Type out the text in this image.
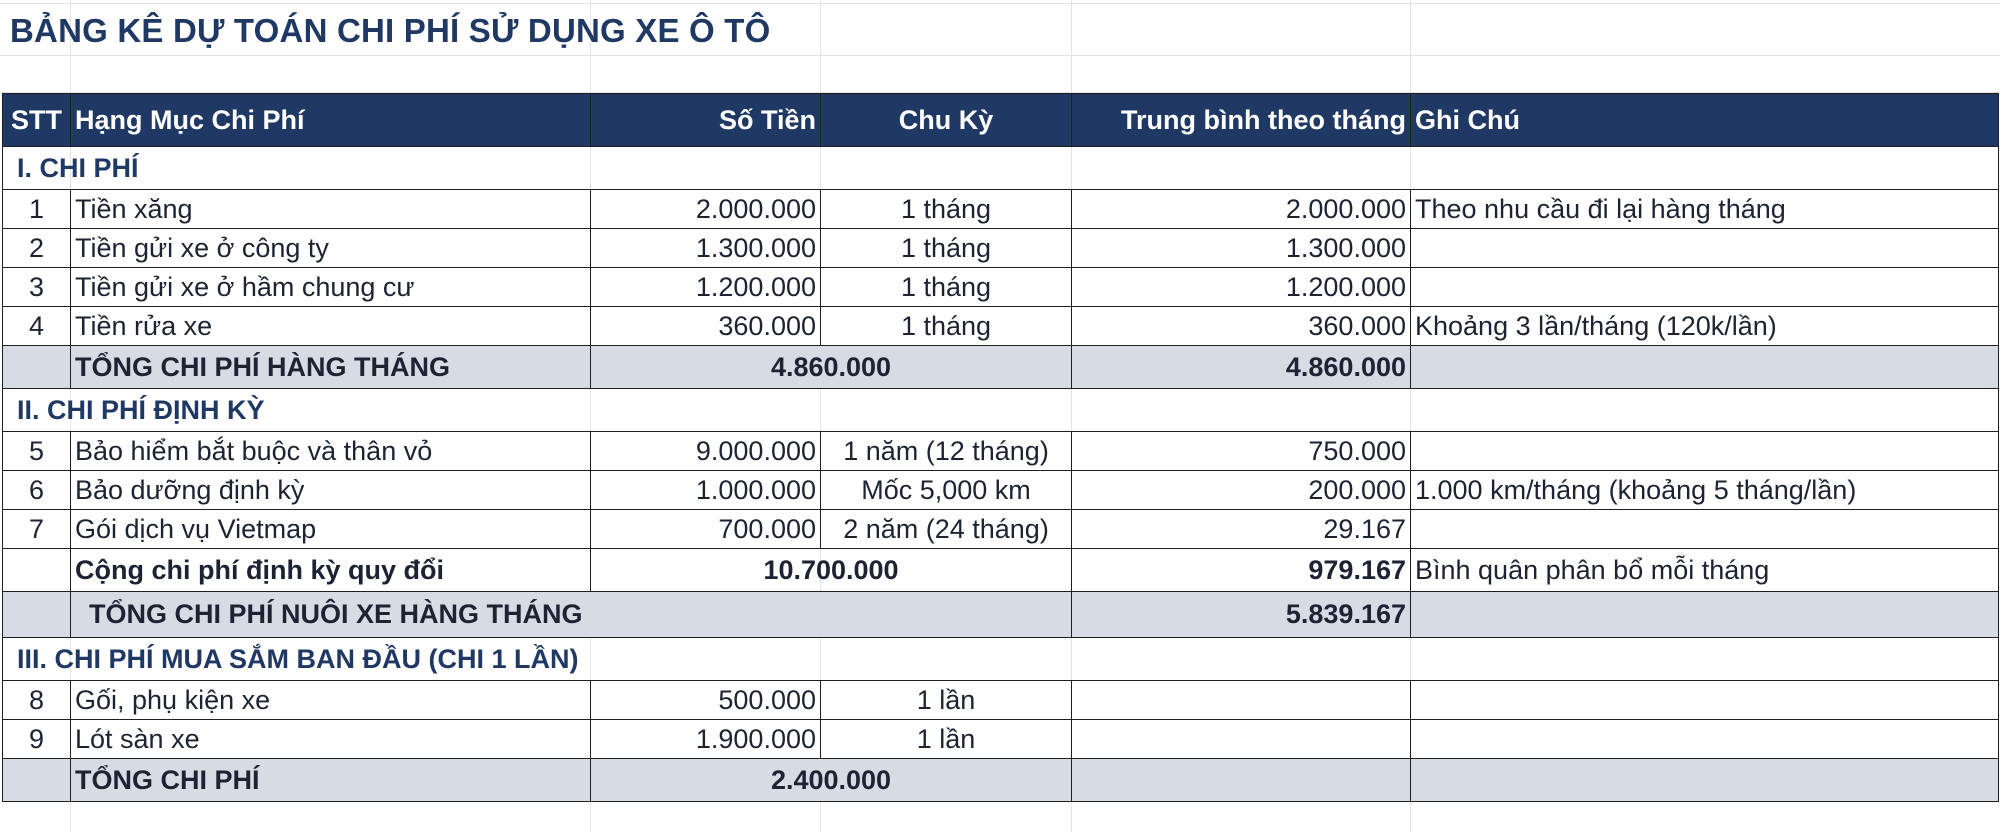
BẢNG KÊ DỰ TOÁN CHI PHÍ SỬ DỤNG XE Ô TÔ
STT	Hạng Mục Chi Phí	Số Tiền	Chu Kỳ	Trung bình theo tháng	Ghi Chú
I. CHI PHÍ					
1	Tiền xăng	2.000.000	1 tháng	2.000.000	Theo nhu cầu đi lại hàng tháng
2	Tiền gửi xe ở công ty	1.300.000	1 tháng	1.300.000	
3	Tiền gửi xe ở hầm chung cư	1.200.000	1 tháng	1.200.000	
4	Tiền rửa xe	360.000	1 tháng	360.000	Khoảng 3 lần/tháng (120k/lần)
	TỔNG CHI PHÍ HÀNG THÁNG	4.860.000		4.860.000	
II. CHI PHÍ ĐỊNH KỲ					
5	Bảo hiểm bắt buộc và thân vỏ	9.000.000	1 năm (12 tháng)	750.000	
6	Bảo dưỡng định kỳ	1.000.000	Mốc 5,000 km	200.000	1.000 km/tháng (khoảng 5 tháng/lần)
7	Gói dịch vụ Vietmap	700.000	2 năm (24 tháng)	29.167	
	Cộng chi phí định kỳ quy đổi	10.700.000		979.167	Bình quân phân bổ mỗi tháng
	TỔNG CHI PHÍ NUÔI XE HÀNG THÁNG			5.839.167	
III. CHI PHÍ MUA SẮM BAN ĐẦU (CHI 1 LẦN)					
8	Gối, phụ kiện xe	500.000	1 lần		
9	Lót sàn xe	1.900.000	1 lần		
	TỔNG CHI PHÍ	2.400.000			
